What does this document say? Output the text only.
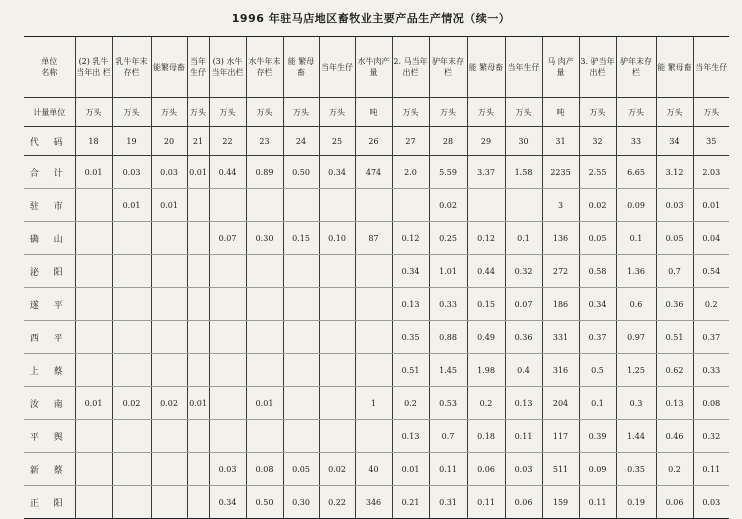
1996 年驻马店地区畜牧业主要产品生产情况（续一）
单位
名称	(2) 乳牛当年出 栏	乳牛年末存栏	能繁母畜	当年生仔	(3) 水牛当年出栏	水牛年末存栏	能 繁母 畜	当年生仔	水牛肉产 量	2. 马当年出栏	驴年末存 栏	能 繁母畜	当年生仔	马 肉产 量	3. 驴当年出栏	驴年末存栏	能 繁母畜	当年生仔
计量单位	万头	万头	万头	万头	万头	万头	万头	万头	吨	万头	万头	万头	万头	吨	万头	万头	万头	万头
代 码	18	19	20	21	22	23	24	25	26	27	28	29	30	31	32	33	34	35
合 计	0.01	0.03	0.03	0.01	0.44	0.89	0.50	0.34	474	2.0	5.59	3.37	1.58	2235	2.55	6.65	3.12	2.03
驻 市		0.01	0.01								0.02			3	0.02	0.09	0.03	0.01
确 山					0.07	0.30	0.15	0.10	87	0.12	0.25	0.12	0.1	136	0.05	0.1	0.05	0.04
泌 阳										0.34	1.01	0.44	0.32	272	0.58	1.36	0.7	0.54
遂 平										0.13	0.33	0.15	0.07	186	0.34	0.6	0.36	0.2
西 平										0.35	0.88	0.49	0.36	331	0.37	0.97	0.51	0.37
上 蔡										0.51	1.45	1.98	0.4	316	0.5	1.25	0.62	0.33
汝 南	0.01	0.02	0.02	0.01		0.01			1	0.2	0.53	0.2	0.13	204	0.1	0.3	0.13	0.08
平 舆										0.13	0.7	0.18	0.11	117	0.39	1.44	0.46	0.32
新 蔡					0.03	0.08	0.05	0.02	40	0.01	0.11	0.06	0.03	511	0.09	0.35	0.2	0.11
正 阳					0.34	0.50	0.30	0.22	346	0.21	0.31	0.11	0.06	159	0.11	0.19	0.06	0.03
